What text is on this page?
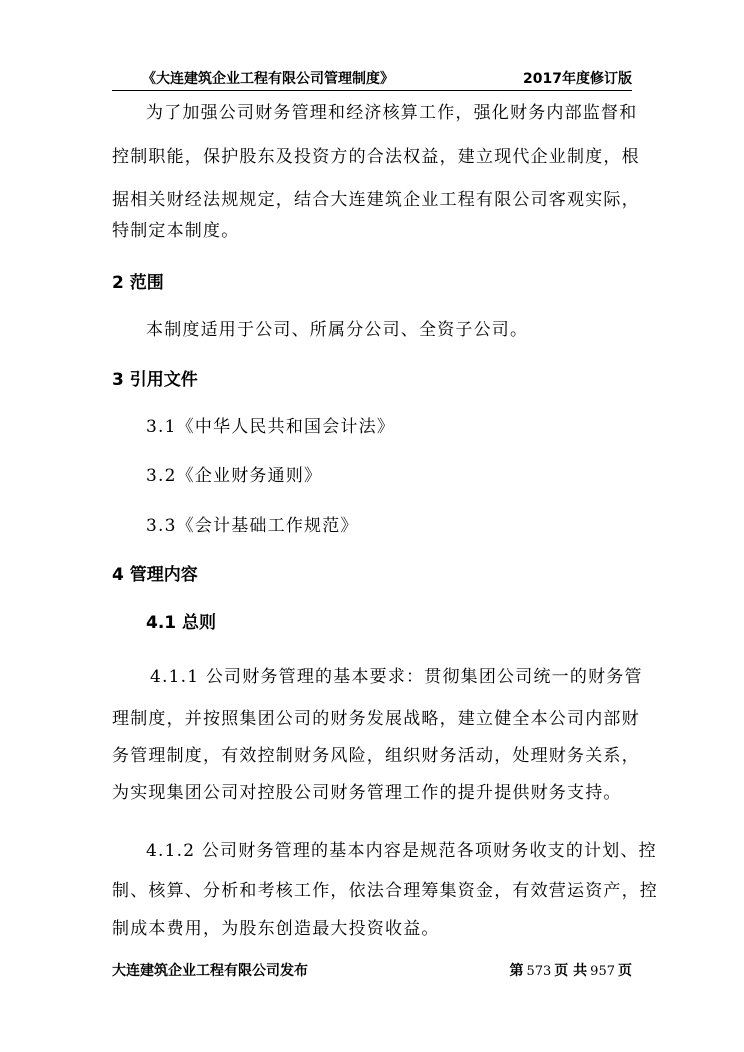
《大连建筑企业工程有限公司管理制度》	2017年度修订版
为了加强公司财务管理和经济核算工作，强化财务内部监督和
控制职能，保护股东及投资方的合法权益，建立现代企业制度，根
据相关财经法规规定，结合大连建筑企业工程有限公司客观实际，
特制定本制度。
2 范围
本制度适用于公司、所属分公司、全资子公司。
3 引用文件
3.1《中华人民共和国会计法》
3.2《企业财务通则》
3.3《会计基础工作规范》
4 管理内容
4.1 总则
4.1.1 公司财务管理的基本要求：贯彻集团公司统一的财务管
理制度，并按照集团公司的财务发展战略，建立健全本公司内部财
务管理制度，有效控制财务风险，组织财务活动，处理财务关系，
为实现集团公司对控股公司财务管理工作的提升提供财务支持。
4.1.2 公司财务管理的基本内容是规范各项财务收支的计划、控
制、核算、分析和考核工作，依法合理筹集资金，有效营运资产，控
制成本费用，为股东创造最大投资收益。
大连建筑企业工程有限公司发布	第 573 页 共 957 页
